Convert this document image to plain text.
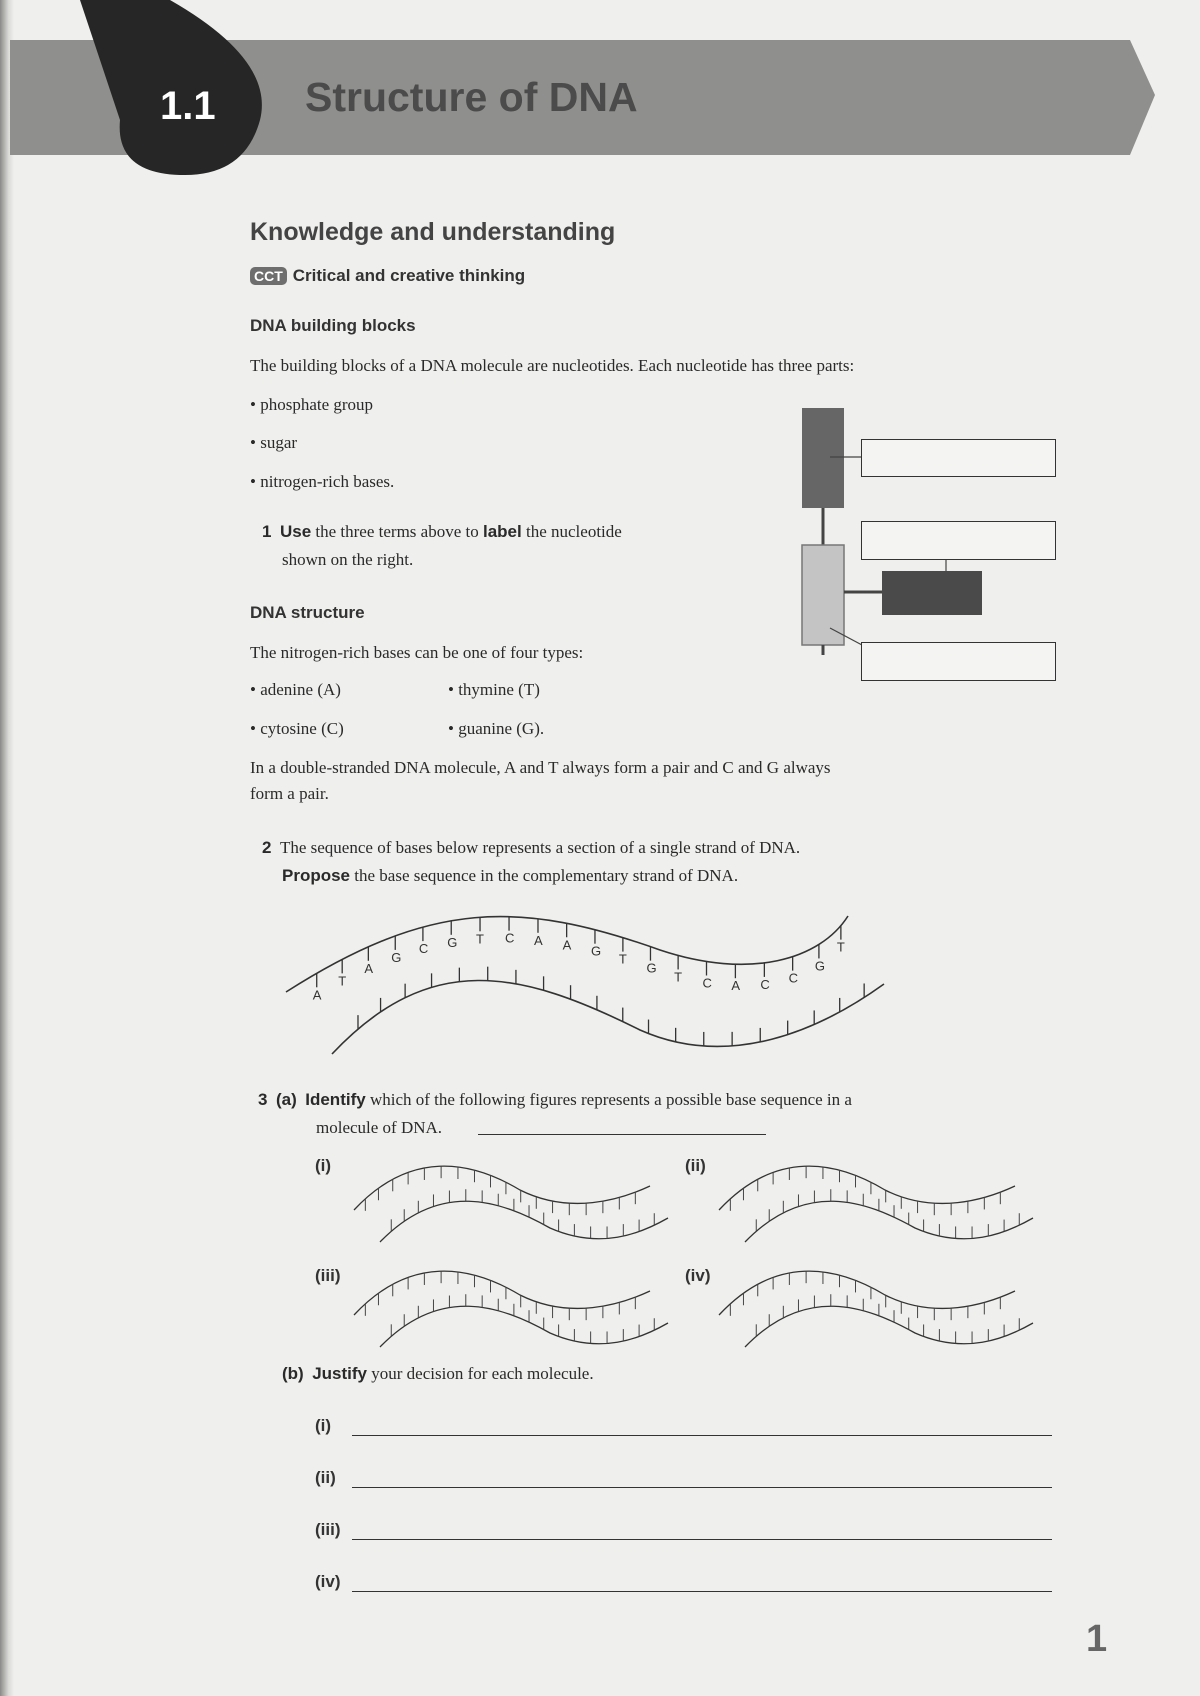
1.1 Structure of DNA
Knowledge and understanding
CCT Critical and creative thinking
DNA building blocks
The building blocks of a DNA molecule are nucleotides. Each nucleotide has three parts:
• phosphate group
• sugar
• nitrogen-rich bases.
1 Use the three terms above to label the nucleotide
shown on the right.
DNA structure
The nitrogen-rich bases can be one of four types:
• adenine (A)	• thymine (T)
• cytosine (C)	• guanine (G).
In a double-stranded DNA molecule, A and T always form a pair and C and G always
form a pair.
2 The sequence of bases below represents a section of a single strand of DNA.
Propose the base sequence in the complementary strand of DNA.
A
T
A
G
C G T C A A G
T
G
T C A C C
G
T
3 (a) Identify which of the following figures represents a possible base sequence in a
molecule of DNA.
(i)	(ii)
(iii)	(iv)
(b) Justify your decision for each molecule.
(i)
(ii)
(iii)
(iv)
1
